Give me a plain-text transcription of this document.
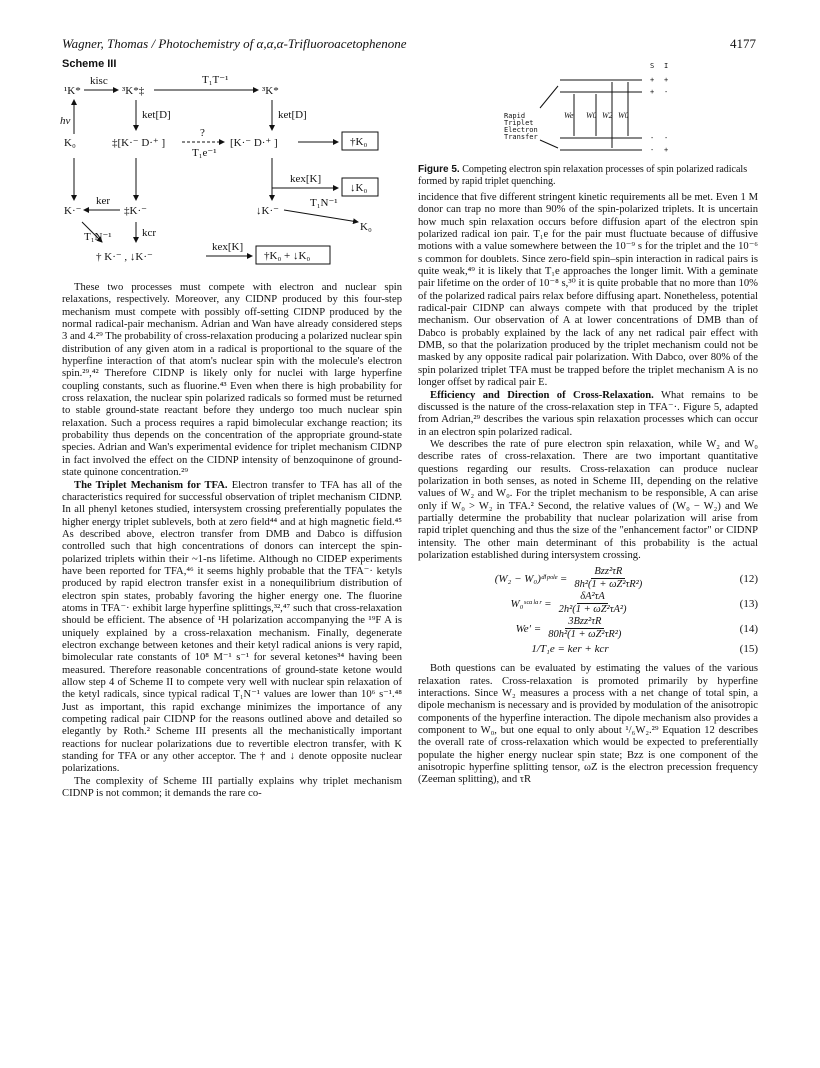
Wagner, Thomas / Photochemistry of α,α,α-Trifluoroacetophenone	4177
Scheme III
¹K*
kisc
³K*‡
T₁T⁻¹
³K*
hν	ket[D]	ket[D]
K₀	‡[K·⁻ D·⁺ ]
?
T₁e⁻¹
[K·⁻ D·⁺ ]	†K₀
kex[K]
↓K₀
K·⁻
ker
‡K·⁻	↓K·⁻
T₁N⁻¹
K₀
T₁N⁻¹	kcr
† K·⁻ , ↓K·⁻
kex[K]
†K₀ + ↓K₀
S I
+ +
+ -
- -
- +
We W0 W2 W0
Rapid
Triplet
Electron
Transfer
Figure 5. Competing electron spin relaxation processes of spin polarized radicals formed by rapid triplet quenching.

These two processes must compete with electron and nuclear spin relaxations, respectively. Moreover, any CIDNP produced by this four-step mechanism must compete with possibly off-setting CIDNP produced by the normal radical-pair mechanism. Adrian and Wan have already considered steps 3 and 4.²⁹ The probability of cross-relaxation producing a polarized nuclear spin distribution of any given atom in a radical is proportional to the square of the hyperfine interaction of that atom's nuclear spin with the molecule's electron spin.²⁹,⁴² Therefore CIDNP is likely only for nuclei with large hyperfine coupling constants, such as fluorine.⁴³ Even when there is high probability for cross relaxation, the nuclear spin polarized radicals so formed must be returned to stable ground-state reactant before they undergo too much nuclear spin relaxation. Such a process requires a rapid bimolecular exchange reaction; its probability thus depends on the concentration of the appropriate ground-state species. Adrian and Wan's experimental evidence for triplet mechanism CIDNP in fact involved the effect on the CIDNP intensity of benzoquinone of ground-state quinone concentration.²⁹

The Triplet Mechanism for TFA. Electron transfer to TFA has all of the characteristics required for successful observation of triplet mechanism CIDNP. In all phenyl ketones studied, intersystem crossing preferentially populates the higher energy triplet sublevels, both at zero field⁴⁴ and at high magnetic field.⁴⁵ As described above, electron transfer from DMB and Dabco is diffusion controlled such that high concentrations of donors can intercept the spin-polarized triplets within their ~1-ns lifetime. Although no CIDEP experiments have been reported for TFA,⁴⁶ it seems highly probable that the TFA⁻· ketyls produced by rapid electron transfer exist in a nonequilibrium distribution of electron spin states, probably favoring the higher energy one. The fluorine atoms in TFA⁻· exhibit large hyperfine splittings,³²,⁴⁷ such that cross-relaxation should be efficient. The absence of ¹H polarization accompanying the ¹⁹F A is uniquely explained by a cross-relaxation mechanism. Finally, degenerate electron exchange between ketones and their ketyl radical anions is very rapid, bimolecular rate constants of 10⁸ M⁻¹ s⁻¹ for several ketones³⁴ having been measured. Therefore reasonable concentrations of ground-state ketone would allow step 4 of Scheme II to compete very well with nuclear spin relaxation of the ketyl radicals, since typical radical T₁N⁻¹ values are lower than 10⁶ s⁻¹.⁴⁸ Just as important, this rapid exchange minimizes the importance of any competing radical pair CIDNP for the reasons outlined above and detailed so elegantly by Roth.² Scheme III presents all the mechanistically important reactions for nuclear polarizations due to revertible electron transfer, with K standing for TFA or any other acceptor. The † and ↓ denote opposite nuclear polarizations.

The complexity of Scheme III partially explains why triplet mechanism CIDNP is not common; it demands the rare co-

incidence that five different stringent kinetic requirements all be met. Even 1 M donor can trap no more than 90% of the spin-polarized triplets. It is uncertain how much spin relaxation occurs before diffusion apart of the electron spin polarized radical ion pair. T₁e for the pair must fluctuate because of diffusive motions with a value somewhere between the 10⁻⁹ s for the triplet and the 10⁻⁶ s common for doublets. Since zero-field spin–spin interaction in radical pairs is quite weak,⁴⁹ it is likely that T₁e approaches the longer limit. With a geminate pair lifetime on the order of 10⁻⁸ s,³⁰ it is quite probable that no more than 10% of the polarized radical pairs relax before diffusing apart. Nonetheless, potential radical-pair CIDNP can always compete with that produced by the triplet mechanism. Our observation of A at lower concentrations of DMB than of Dabco is probably explained by the lack of any net radical pair effect with DMB, so that the polarization produced by the triplet mechanism could not be masked by any opposite radical pair polarization. With Dabco, over 80% of the spin polarized triplet TFA must be trapped before the triplet mechanism A is no longer offset by radical pair E.

Efficiency and Direction of Cross-Relaxation. What remains to be discussed is the nature of the cross-relaxation step in TFA⁻·. Figure 5, adapted from Adrian,²⁹ describes the various spin relaxation processes which can occur in an electron spin polarized radical.

We describes the rate of pure electron spin relaxation, while W₂ and W₀ describe rates of cross-relaxation. There are two important quantitative questions regarding our results. Cross-relaxation can produce nuclear polarization in both senses, as noted in Scheme III, depending on the relative values of W₂ and W₀. For the triplet mechanism to be responsible, A can arise only if W₀ > W₂ in TFA.² Second, the relative values of (W₀ − W₂) and We partially determine the probability that nuclear polarization will arise from rapid triplet quenching and thus the size of the "enhancement factor" or CIDNP intensity. The other main determinant of this probability is the actual polarization established during intersystem crossing.

(W₂ − W₀)ᵈⁱᵖᵒˡᵉ = $\frac{\text{Bzz²τR}}{\text{8h²(1 + ωZ²τR²)}}$	(12)
W₀ˢᶜᵃˡᵃʳ = $\frac{\text{δA²τA}}{\text{2h²(1 + ωZ²τA²)}}$	(13)
$We' = \frac{\text{3Bzz²τR}}{\text{80h²(1 + ωZ²τR²)}}$	(14)
1/T₁e = ker + kcr	(15)

Both questions can be evaluated by estimating the values of the various relaxation rates. Cross-relaxation is promoted primarily by hyperfine interactions. Since W₂ measures a process with a net change of total spin, a dipole mechanism is necessary and is provided by modulation of the anisotropic components of the hyperfine interaction. The dipole mechanism also provides a component to W₀, but one equal to only about ¹/₆W₂.²⁹ Equation 12 describes the overall rate of cross-relaxation which would be expected to preferentially populate the higher energy nuclear spin state; Bzz is one component of the anisotropic hyperfine splitting tensor, ωZ is the electron precession frequency (Zeeman splitting), and τR
